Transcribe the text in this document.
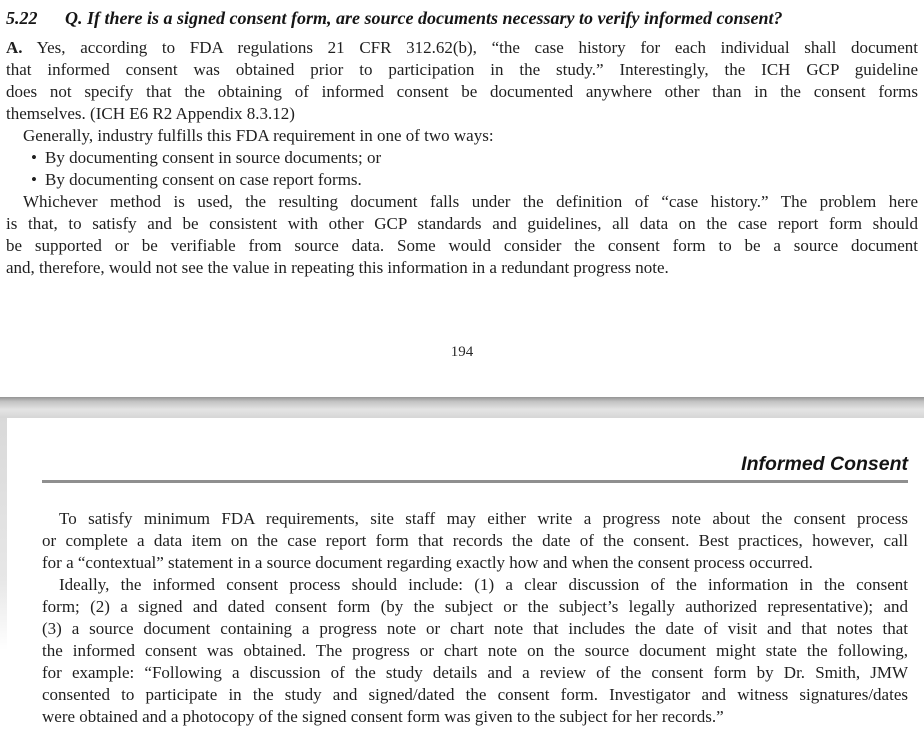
5.22	Q. If there is a signed consent form, are source documents necessary to verify informed consent?
A. Yes, according to FDA regulations 21 CFR 312.62(b), “the case history for each individual shall document
that informed consent was obtained prior to participation in the study.” Interestingly, the ICH GCP guideline
does not specify that the obtaining of informed consent be documented anywhere other than in the consent forms
themselves. (ICH E6 R2 Appendix 8.3.12)
Generally, industry fulfills this FDA requirement in one of two ways:
• By documenting consent in source documents; or
• By documenting consent on case report forms.
Whichever method is used, the resulting document falls under the definition of “case history.” The problem here
is that, to satisfy and be consistent with other GCP standards and guidelines, all data on the case report form should
be supported or be verifiable from source data. Some would consider the consent form to be a source document
and, therefore, would not see the value in repeating this information in a redundant progress note.
194
Informed Consent
To satisfy minimum FDA requirements, site staff may either write a progress note about the consent process
or complete a data item on the case report form that records the date of the consent. Best practices, however, call
for a “contextual” statement in a source document regarding exactly how and when the consent process occurred.
Ideally, the informed consent process should include: (1) a clear discussion of the information in the consent
form; (2) a signed and dated consent form (by the subject or the subject’s legally authorized representative); and
(3) a source document containing a progress note or chart note that includes the date of visit and that notes that
the informed consent was obtained. The progress or chart note on the source document might state the following,
for example: “Following a discussion of the study details and a review of the consent form by Dr. Smith, JMW
consented to participate in the study and signed/dated the consent form. Investigator and witness signatures/dates
were obtained and a photocopy of the signed consent form was given to the subject for her records.”
